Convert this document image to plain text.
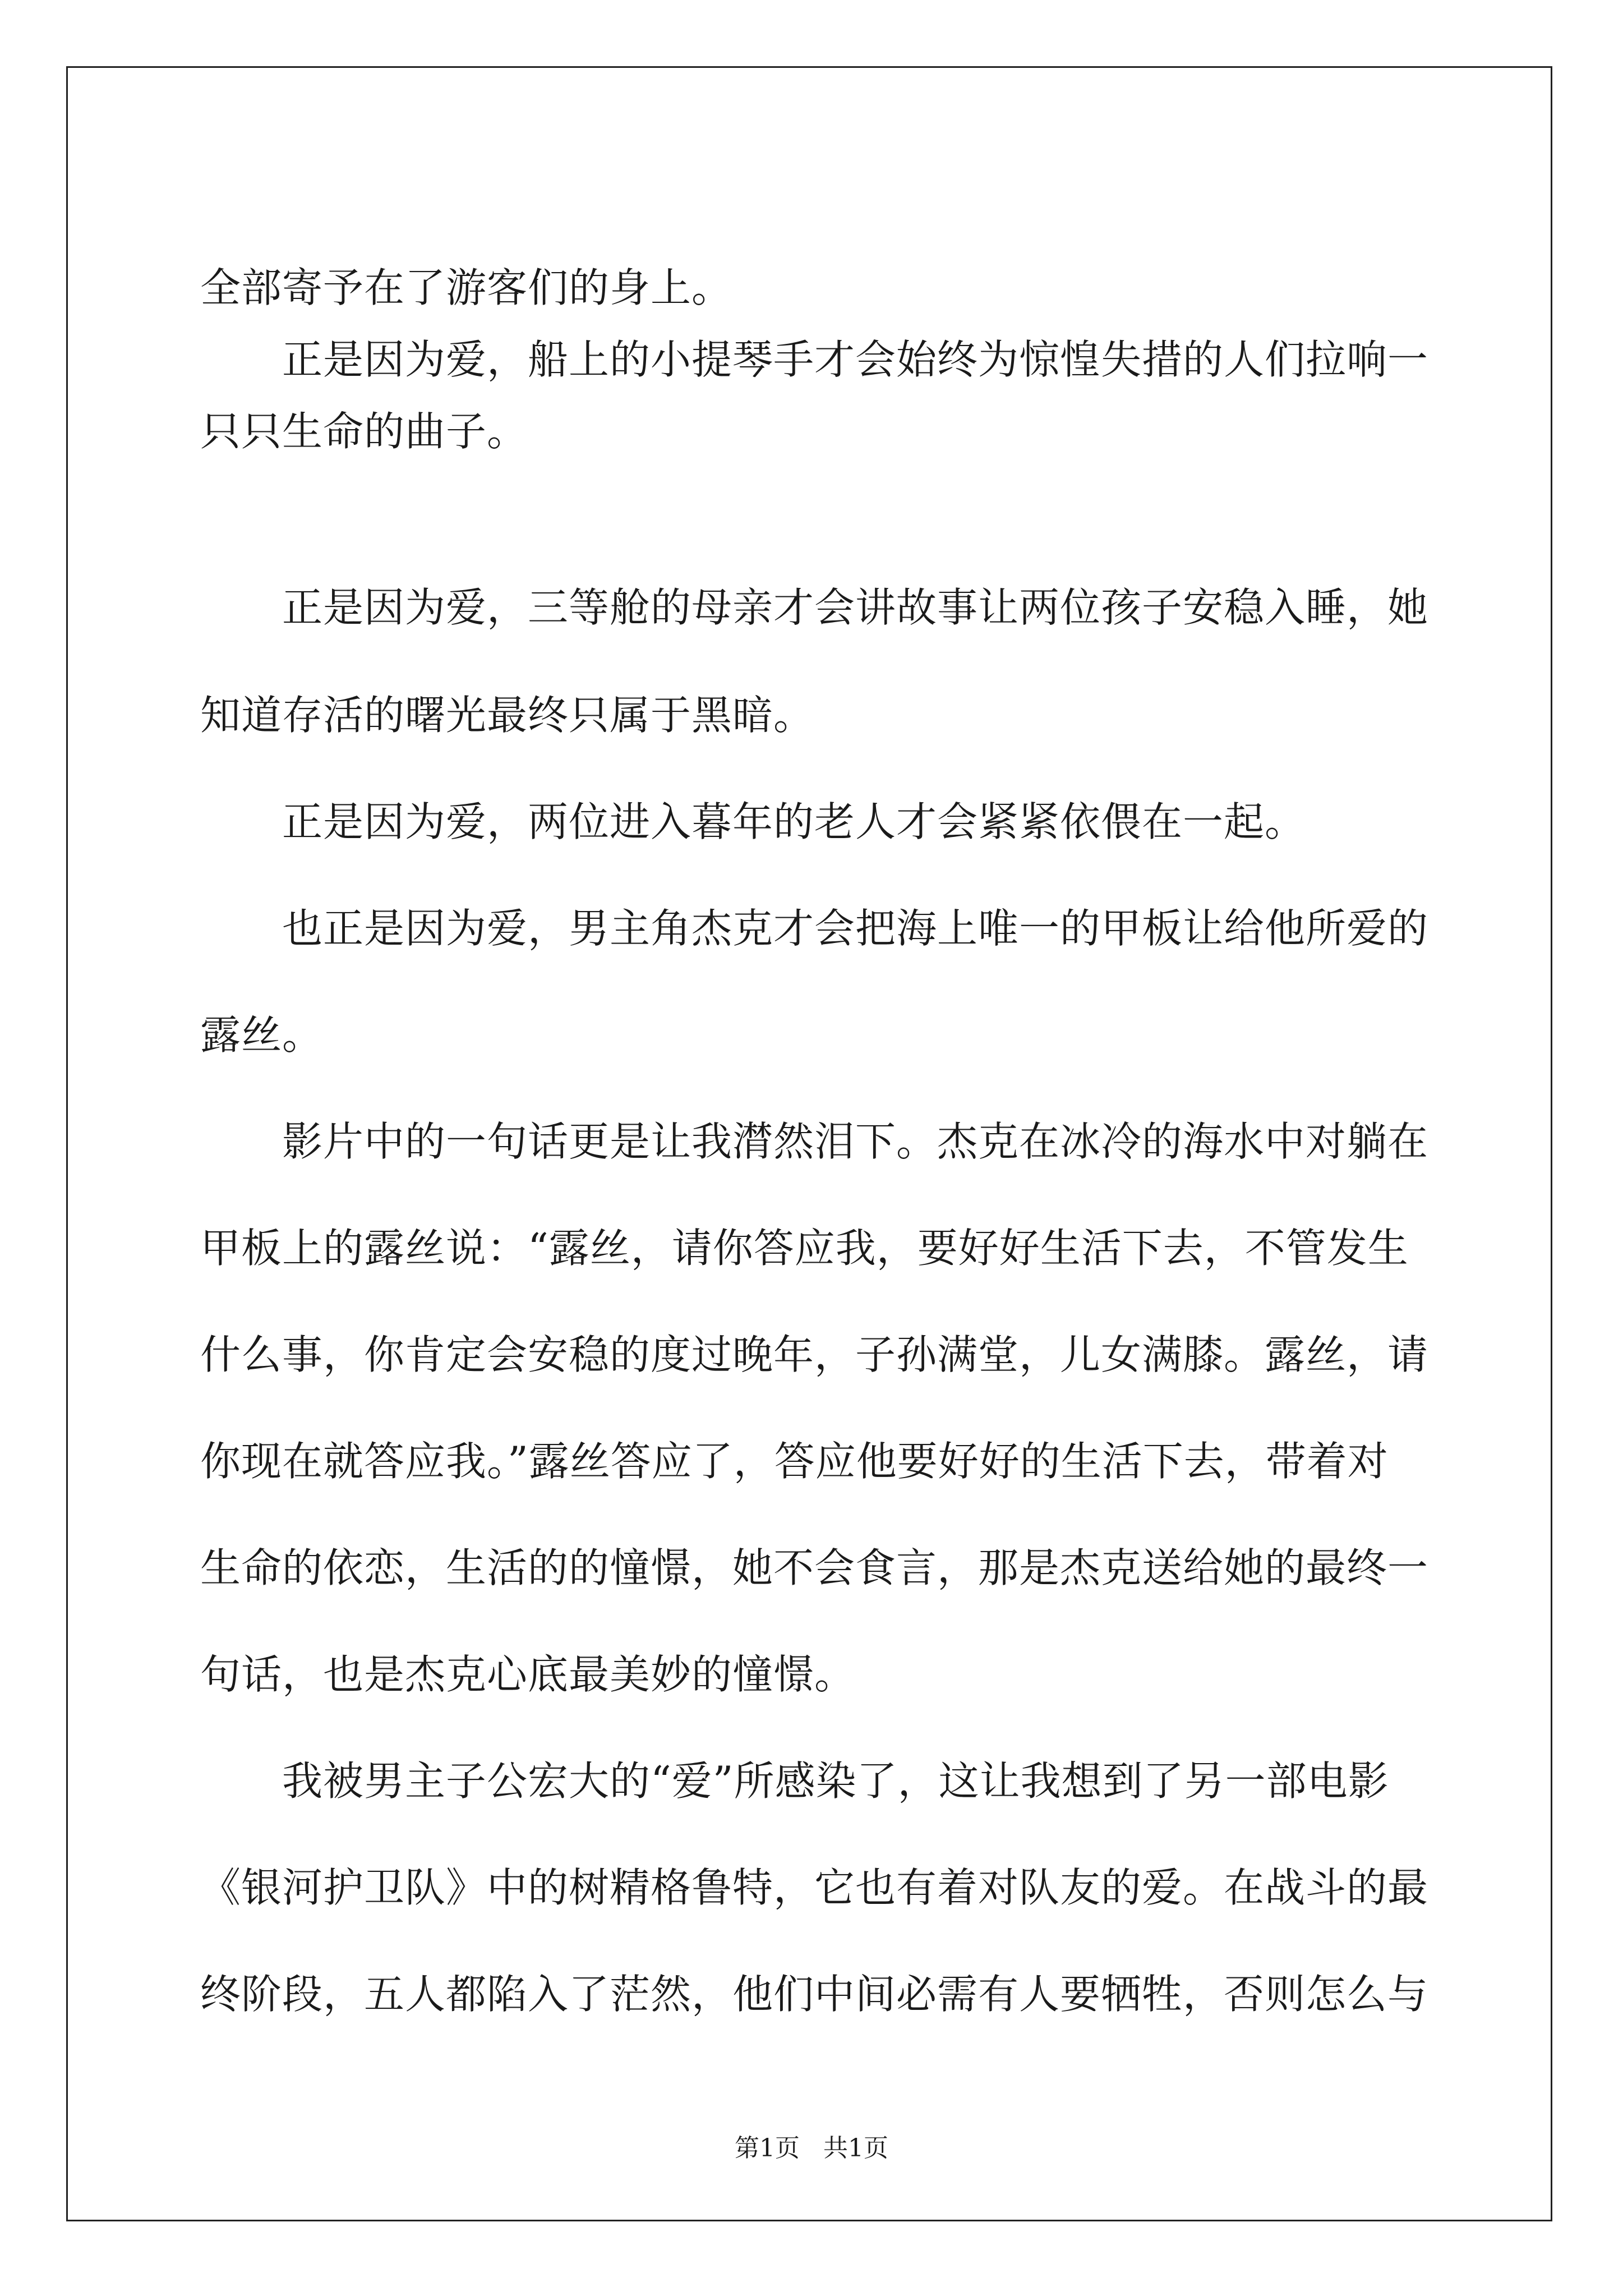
全部寄予在了游客们的身上。

正是因为爱，船上的小提琴手才会始终为惊惶失措的人们拉响一

只只生命的曲子。

正是因为爱，三等舱的母亲才会讲故事让两位孩子安稳入睡，她

知道存活的曙光最终只属于黑暗。

正是因为爱，两位进入暮年的老人才会紧紧依偎在一起。

也正是因为爱，男主角杰克才会把海上唯一的甲板让给他所爱的

露丝。

影片中的一句话更是让我潸然泪下。杰克在冰冷的海水中对躺在

甲板上的露丝说：“露丝，请你答应我，要好好生活下去，不管发生

什么事，你肯定会安稳的度过晚年，子孙满堂，儿女满膝。露丝，请

你现在就答应我。”露丝答应了，答应他要好好的生活下去，带着对

生命的依恋，生活的的憧憬，她不会食言，那是杰克送给她的最终一

句话，也是杰克心底最美妙的憧憬。

我被男主子公宏大的“爱”所感染了，这让我想到了另一部电影

《银河护卫队》中的树精格鲁特，它也有着对队友的爱。在战斗的最

终阶段，五人都陷入了茫然，他们中间必需有人要牺牲，否则怎么与

第1页 共1页
